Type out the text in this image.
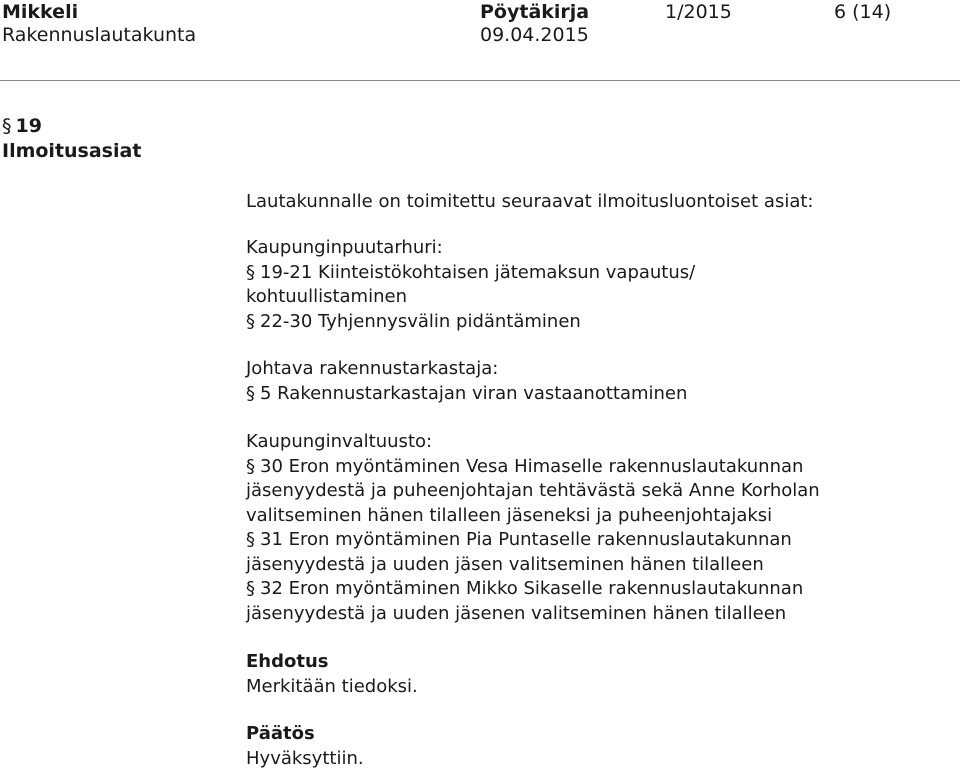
Mikkeli
Rakennuslautakunta
Pöytäkirja
09.04.2015
1/2015	6 (14)
§ 19
Ilmoitusasiat
Lautakunnalle on toimitettu seuraavat ilmoitusluontoiset asiat:
Kaupunginpuutarhuri:
§ 19-21 Kiinteistökohtaisen jätemaksun vapautus/
kohtuullistaminen
§ 22-30 Tyhjennysvälin pidäntäminen
Johtava rakennustarkastaja:
§ 5 Rakennustarkastajan viran vastaanottaminen
Kaupunginvaltuusto:
§ 30 Eron myöntäminen Vesa Himaselle rakennuslautakunnan
jäsenyydestä ja puheenjohtajan tehtävästä sekä Anne Korholan
valitseminen hänen tilalleen jäseneksi ja puheenjohtajaksi
§ 31 Eron myöntäminen Pia Puntaselle rakennuslautakunnan
jäsenyydestä ja uuden jäsen valitseminen hänen tilalleen
§ 32 Eron myöntäminen Mikko Sikaselle rakennuslautakunnan
jäsenyydestä ja uuden jäsenen valitseminen hänen tilalleen
Ehdotus
Merkitään tiedoksi.
Päätös
Hyväksyttiin.
